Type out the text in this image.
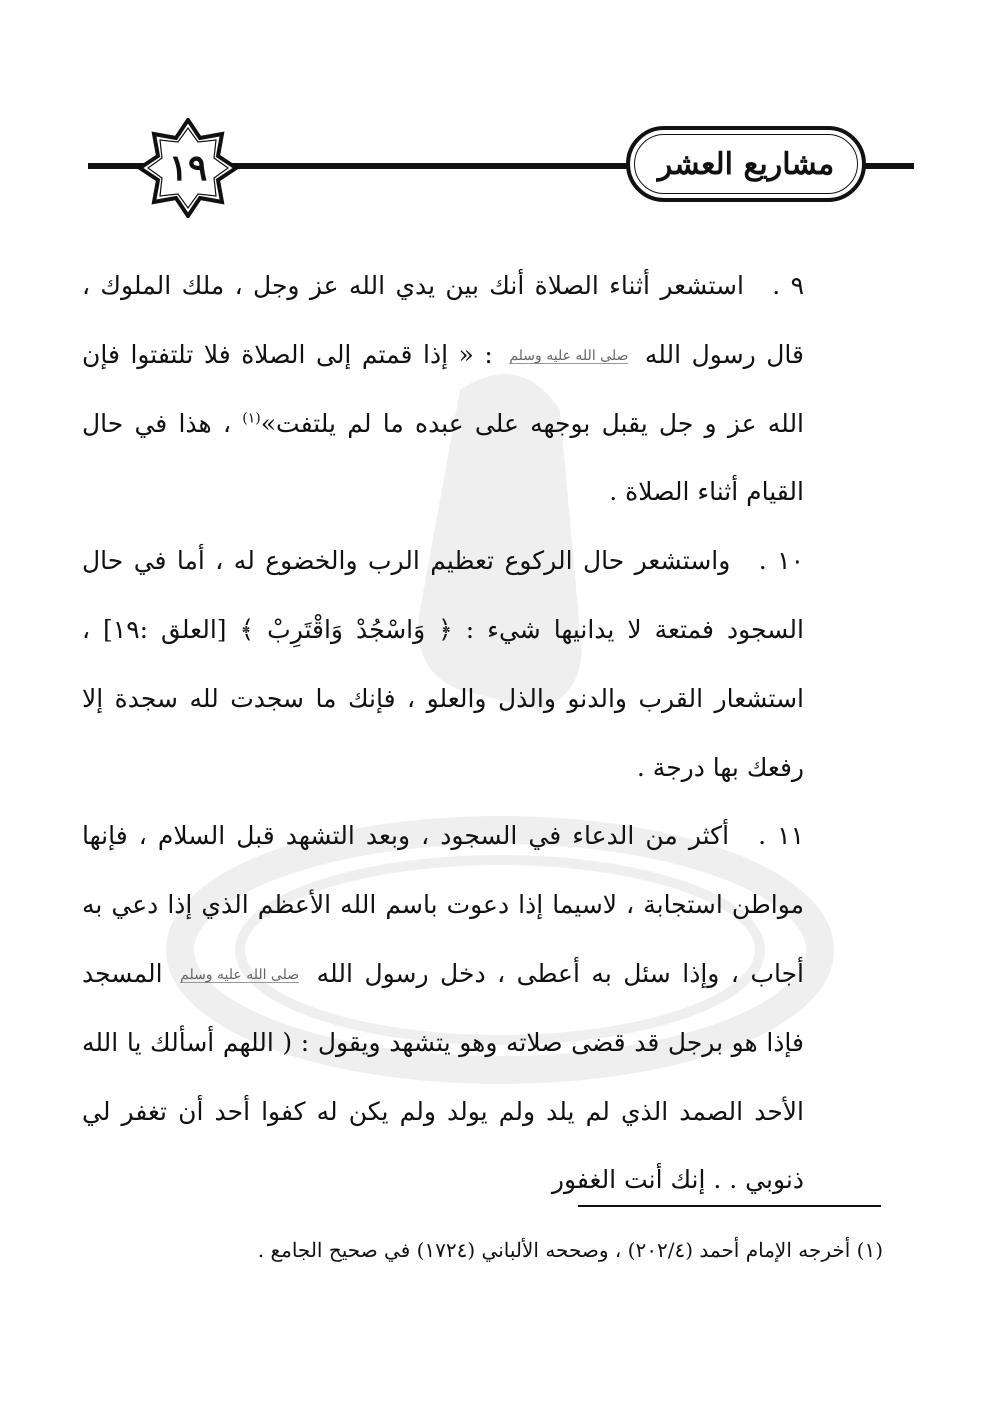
١٩	مشاريع العشر

٩ . استشعر أثناء الصلاة أنك بين يدي الله عز وجل ، ملك الملوك ، قال رسول الله صلى الله عليه وسلم : « إذا قمتم إلى الصلاة فلا تلتفتوا فإن الله عز و جل يقبل بوجهه على عبده ما لم يلتفت»$^{(١)}$ ، هذا في حال القيام أثناء الصلاة .

١٠ . واستشعر حال الركوع تعظيم الرب والخضوع له ، أما في حال السجود فمتعة لا يدانيها شيء : ﴿ وَاسْجُدْ وَاقْتَرِبْ ﴾ [العلق :١٩] ، استشعار القرب والدنو والذل والعلو ، فإنك ما سجدت لله سجدة إلا رفعك بها درجة .

١١ . أكثر من الدعاء في السجود ، وبعد التشهد قبل السلام ، فإنها مواطن استجابة ، لاسيما إذا دعوت باسم الله الأعظم الذي إذا دعي به أجاب ، وإذا سئل به أعطى ، دخل رسول الله صلى الله عليه وسلم المسجد فإذا هو برجل قد قضى صلاته وهو يتشهد ويقول : ( اللهم أسألك يا الله الأحد الصمد الذي لم يلد ولم يولد ولم يكن له كفوا أحد أن تغفر لي ذنوبي . . إنك أنت الغفور

(١) أخرجه الإمام أحمد (٢٠٢/٤) ، وصححه الألباني (١٧٢٤) في صحيح الجامع .
